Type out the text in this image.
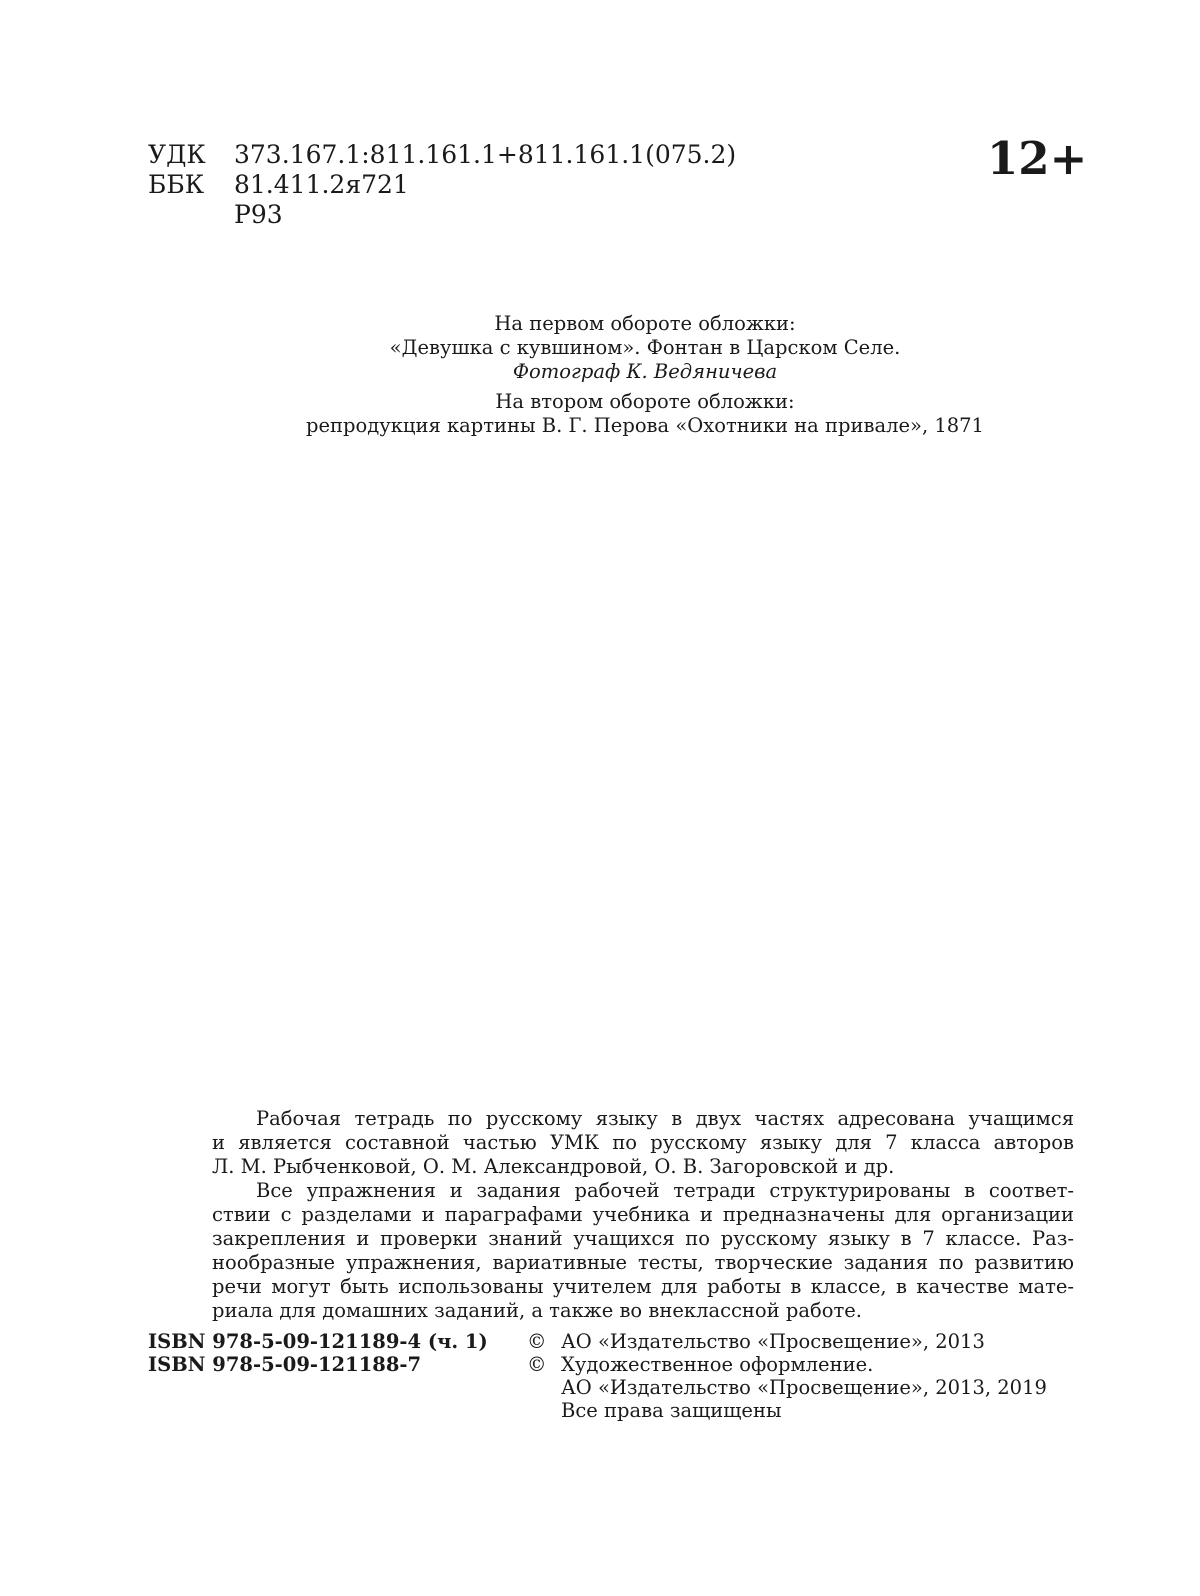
УДК	373.167.1:811.161.1+811.161.1(075.2)
ББК	81.411.2я721
Р93
12+
На первом обороте обложки:
«Девушка с кувшином». Фонтан в Царском Селе.
Фотограф К. Ведяничева
На втором обороте обложки:
репродукция картины В. Г. Перова «Охотники на привале», 1871
Рабочая тетрадь по русскому языку в двух частях адресована учащимся
и является составной частью УМК по русскому языку для 7 класса авторов
Л. М. Рыбченковой, О. М. Александровой, О. В. Загоровской и др.
Все упражнения и задания рабочей тетради структурированы в соответ-
ствии с разделами и параграфами учебника и предназначены для организации
закрепления и проверки знаний учащихся по русскому языку в 7 классе. Раз-
нообразные упражнения, вариативные тесты, творческие задания по развитию
речи могут быть использованы учителем для работы в классе, в качестве мате-
риала для домашних заданий, а также во внеклассной работе.
ISBN 978-5-09-121189-4 (ч. 1)
ISBN 978-5-09-121188-7
© АО «Издательство «Просвещение», 2013
© Художественное оформление.
АО «Издательство «Просвещение», 2013, 2019
Все права защищены
